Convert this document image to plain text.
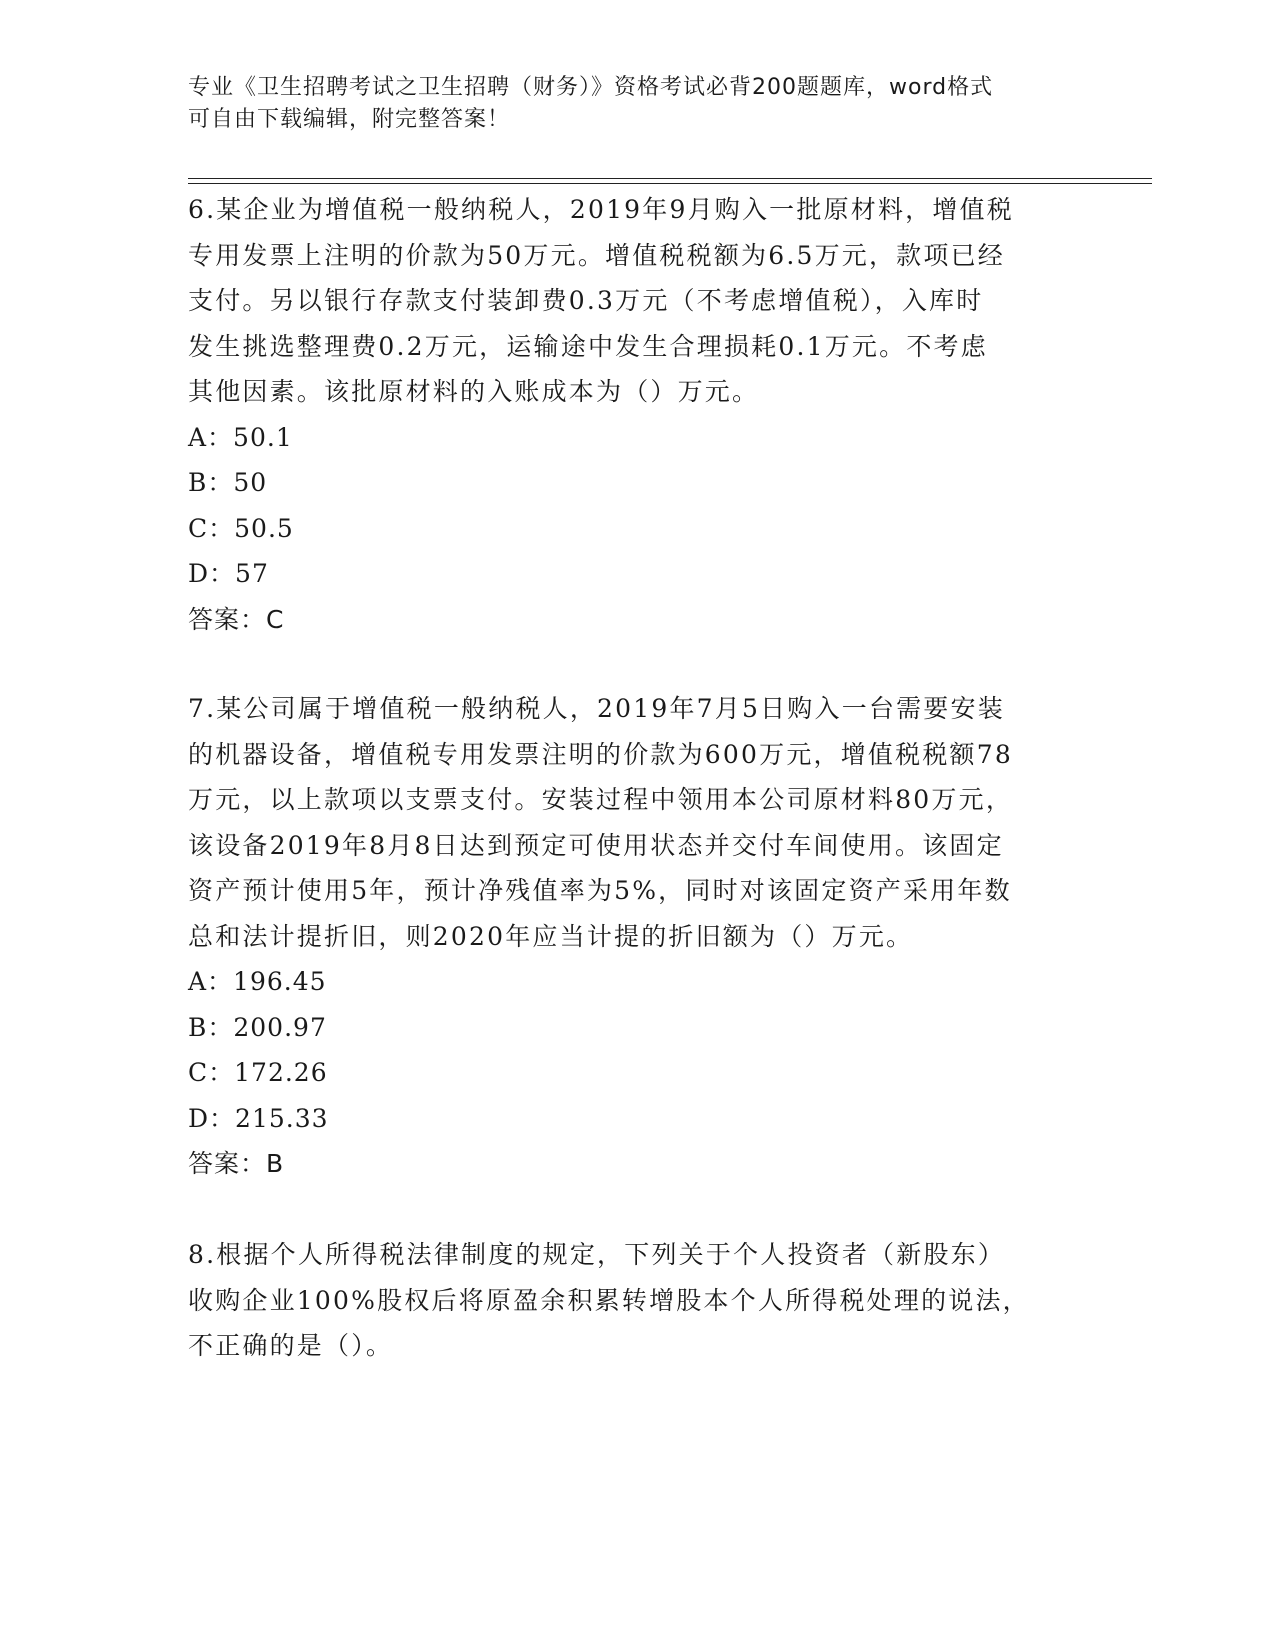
专业《卫生招聘考试之卫生招聘（财务）》资格考试必背200题题库，word格式
可自由下载编辑，附完整答案！

6.某企业为增值税一般纳税人，2019年9月购入一批原材料，增值税

专用发票上注明的价款为50万元。增值税税额为6.5万元，款项已经

支付。另以银行存款支付装卸费0.3万元（不考虑增值税），入库时

发生挑选整理费0.2万元，运输途中发生合理损耗0.1万元。不考虑

其他因素。该批原材料的入账成本为（）万元。

A：50.1

B：50

C：50.5

D：57

答案：C

7.某公司属于增值税一般纳税人，2019年7月5日购入一台需要安装

的机器设备，增值税专用发票注明的价款为600万元，增值税税额78

万元，以上款项以支票支付。安装过程中领用本公司原材料80万元，

该设备2019年8月8日达到预定可使用状态并交付车间使用。该固定

资产预计使用5年，预计净残值率为5%，同时对该固定资产采用年数

总和法计提折旧，则2020年应当计提的折旧额为（）万元。

A：196.45

B：200.97

C：172.26

D：215.33

答案：B

8.根据个人所得税法律制度的规定，下列关于个人投资者（新股东）

收购企业100%股权后将原盈余积累转增股本个人所得税处理的说法，

不正确的是（）。
